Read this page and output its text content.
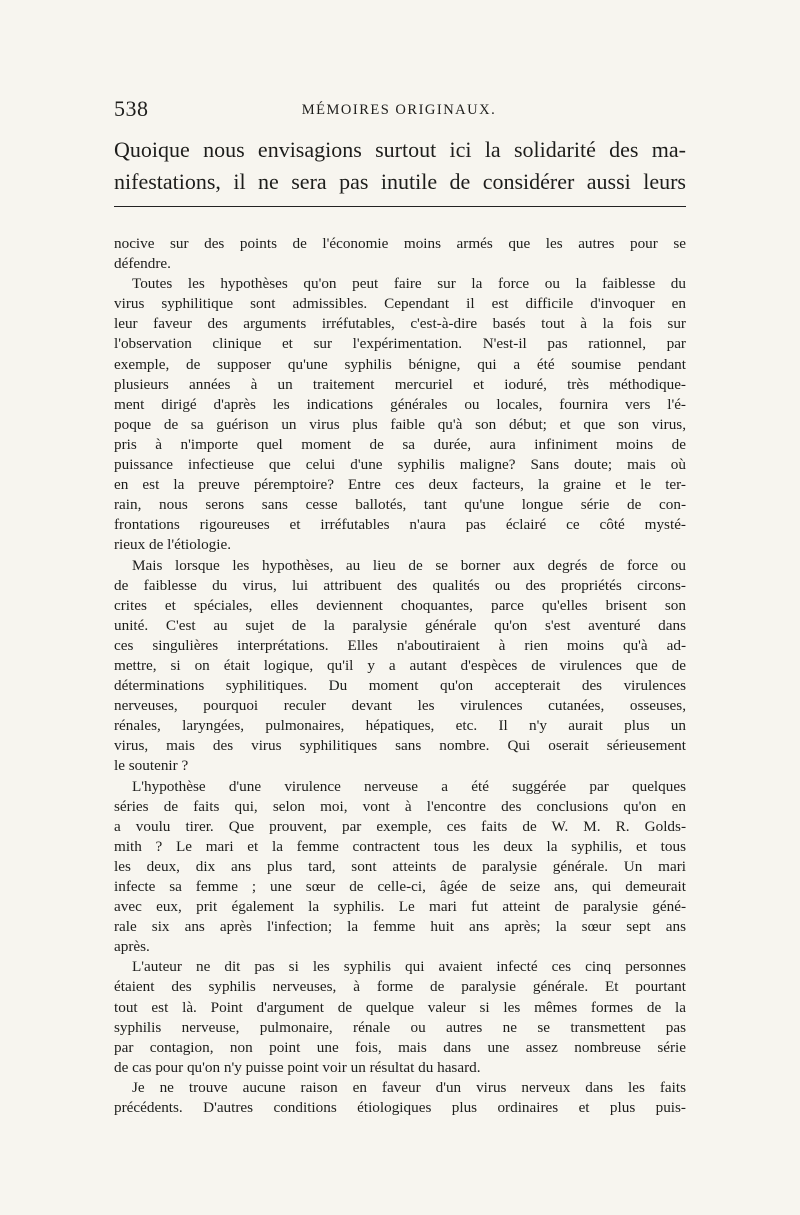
538	MÉMOIRES ORIGINAUX.
Quoique nous envisagions surtout ici la solidarité des ma-
nifestations, il ne sera pas inutile de considérer aussi leurs
nocive sur des points de l'économie moins armés que les autres pour se
défendre.
Toutes les hypothèses qu'on peut faire sur la force ou la faiblesse du
virus syphilitique sont admissibles. Cependant il est difficile d'invoquer en
leur faveur des arguments irréfutables, c'est-à-dire basés tout à la fois sur
l'observation clinique et sur l'expérimentation. N'est-il pas rationnel, par
exemple, de supposer qu'une syphilis bénigne, qui a été soumise pendant
plusieurs années à un traitement mercuriel et ioduré, très méthodique-
ment dirigé d'après les indications générales ou locales, fournira vers l'é-
poque de sa guérison un virus plus faible qu'à son début; et que son virus,
pris à n'importe quel moment de sa durée, aura infiniment moins de
puissance infectieuse que celui d'une syphilis maligne? Sans doute; mais où
en est la preuve péremptoire? Entre ces deux facteurs, la graine et le ter-
rain, nous serons sans cesse ballotés, tant qu'une longue série de con-
frontations rigoureuses et irréfutables n'aura pas éclairé ce côté mysté-
rieux de l'étiologie.
Mais lorsque les hypothèses, au lieu de se borner aux degrés de force ou
de faiblesse du virus, lui attribuent des qualités ou des propriétés circons-
crites et spéciales, elles deviennent choquantes, parce qu'elles brisent son
unité. C'est au sujet de la paralysie générale qu'on s'est aventuré dans
ces singulières interprétations. Elles n'aboutiraient à rien moins qu'à ad-
mettre, si on était logique, qu'il y a autant d'espèces de virulences que de
déterminations syphilitiques. Du moment qu'on accepterait des virulences
nerveuses, pourquoi reculer devant les virulences cutanées, osseuses,
rénales, laryngées, pulmonaires, hépatiques, etc. Il n'y aurait plus un
virus, mais des virus syphilitiques sans nombre. Qui oserait sérieusement
le soutenir ?
L'hypothèse d'une virulence nerveuse a été suggérée par quelques
séries de faits qui, selon moi, vont à l'encontre des conclusions qu'on en
a voulu tirer. Que prouvent, par exemple, ces faits de W. M. R. Golds-
mith ? Le mari et la femme contractent tous les deux la syphilis, et tous
les deux, dix ans plus tard, sont atteints de paralysie générale. Un mari
infecte sa femme ; une sœur de celle-ci, âgée de seize ans, qui demeurait
avec eux, prit également la syphilis. Le mari fut atteint de paralysie géné-
rale six ans après l'infection; la femme huit ans après; la sœur sept ans
après.
L'auteur ne dit pas si les syphilis qui avaient infecté ces cinq personnes
étaient des syphilis nerveuses, à forme de paralysie générale. Et pourtant
tout est là. Point d'argument de quelque valeur si les mêmes formes de la
syphilis nerveuse, pulmonaire, rénale ou autres ne se transmettent pas
par contagion, non point une fois, mais dans une assez nombreuse série
de cas pour qu'on n'y puisse point voir un résultat du hasard.
Je ne trouve aucune raison en faveur d'un virus nerveux dans les faits
précédents. D'autres conditions étiologiques plus ordinaires et plus puis-
